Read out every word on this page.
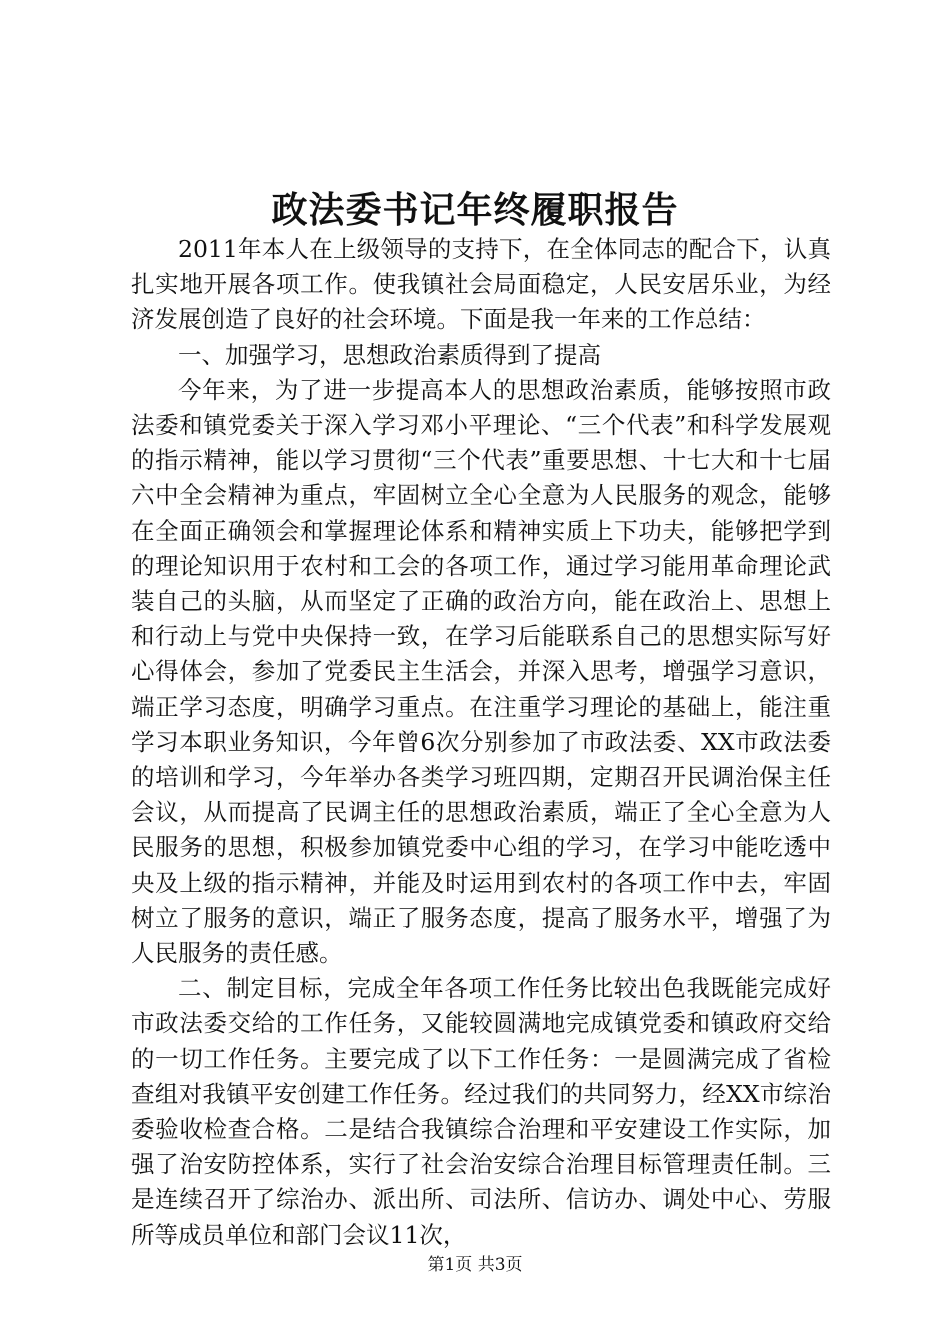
政法委书记年终履职报告

2011年本人在上级领导的支持下，在全体同志的配合下，认真扎实地开展各项工作。使我镇社会局面稳定，人民安居乐业，为经济发展创造了良好的社会环境。下面是我一年来的工作总结：

一、加强学习，思想政治素质得到了提高

今年来，为了进一步提高本人的思想政治素质，能够按照市政法委和镇党委关于深入学习邓小平理论、“三个代表”和科学发展观的指示精神，能以学习贯彻“三个代表”重要思想、十七大和十七届六中全会精神为重点，牢固树立全心全意为人民服务的观念，能够在全面正确领会和掌握理论体系和精神实质上下功夫，能够把学到的理论知识用于农村和工会的各项工作，通过学习能用革命理论武装自己的头脑，从而坚定了正确的政治方向，能在政治上、思想上和行动上与党中央保持一致，在学习后能联系自己的思想实际写好心得体会，参加了党委民主生活会，并深入思考，增强学习意识，端正学习态度，明确学习重点。在注重学习理论的基础上，能注重学习本职业务知识，今年曾6次分别参加了市政法委、XX市政法委的培训和学习，今年举办各类学习班四期，定期召开民调治保主任会议，从而提高了民调主任的思想政治素质，端正了全心全意为人民服务的思想，积极参加镇党委中心组的学习，在学习中能吃透中央及上级的指示精神，并能及时运用到农村的各项工作中去，牢固树立了服务的意识，端正了服务态度，提高了服务水平，增强了为人民服务的责任感。

二、制定目标，完成全年各项工作任务比较出色我既能完成好市政法委交给的工作任务，又能较圆满地完成镇党委和镇政府交给的一切工作任务。主要完成了以下工作任务：一是圆满完成了省检查组对我镇平安创建工作任务。经过我们的共同努力，经XX市综治委验收检查合格。二是结合我镇综合治理和平安建设工作实际，加强了治安防控体系，实行了社会治安综合治理目标管理责任制。三是连续召开了综治办、派出所、司法所、信访办、调处中心、劳服所等成员单位和部门会议11次，

第1页 共3页
